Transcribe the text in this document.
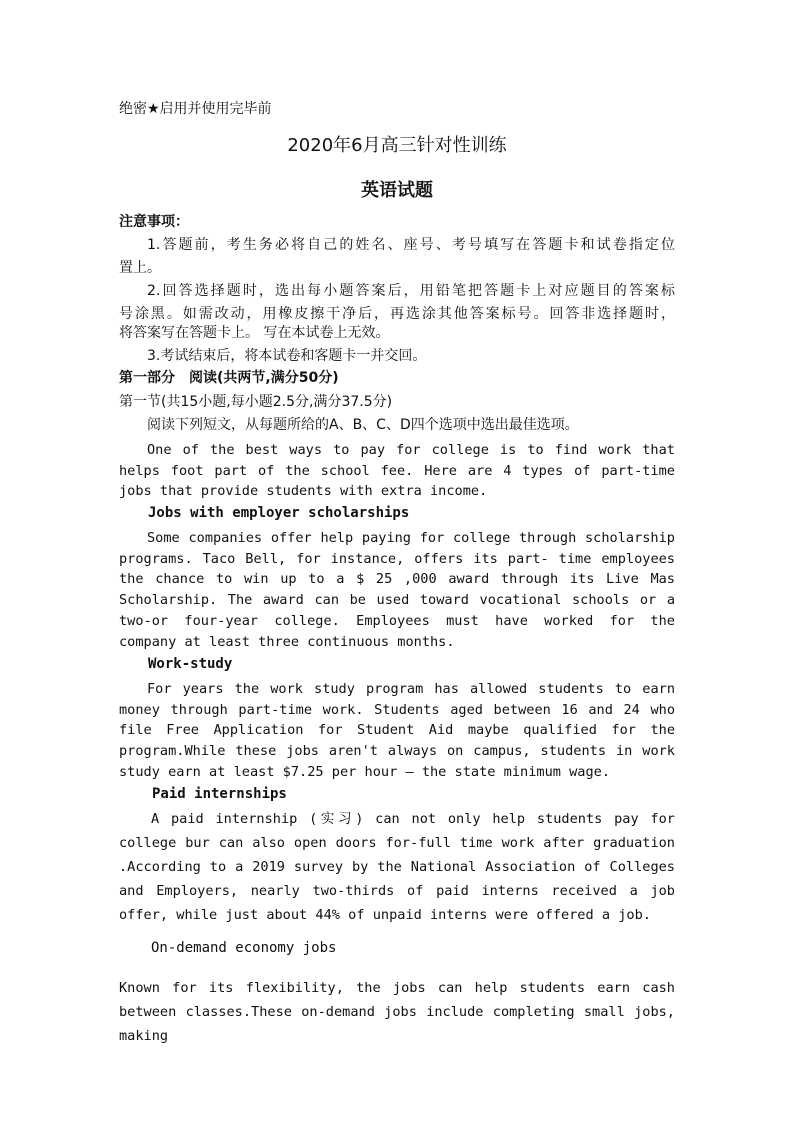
绝密★启用并使用完毕前
2020年6月高三针对性训练
英语试题
注意事项：
1.答题前，考生务必将自己的姓名、座号、考号填写在答题卡和试卷指定位
置上。
2.回答选择题时，选出每小题答案后，用铅笔把答题卡上对应题目的答案标
号涂黑。如需改动，用橡皮擦干净后，再选涂其他答案标号。回答非选择题时，
将答案写在答题卡上。 写在本试卷上无效。
3.考试结束后，将本试卷和客题卡一并交回。
第一部分　阅读(共两节,满分50分)
第一节(共15小题,每小题2.5分,满分37.5分)
阅读下列短文，从每题所给的A、B、C、D四个选项中选出最佳选项。

One of the best ways to pay for college is to find work that helps foot part of the school fee. Here are 4 types of part-time jobs that provide students with extra income.

Jobs with employer scholarships

Some companies offer help paying for college through scholarship programs. Taco Bell, for instance, offers its part- time employees the chance to win up to a $ 25 ,000 award through its Live Mas Scholarship. The award can be used toward vocational schools or a two-or four-year college. Employees must have worked for the company at least three continuous months.

Work-study

For years the work study program has allowed students to earn money through part-time work. Students aged between 16 and 24 who file Free Application for Student Aid maybe qualified for the program.While these jobs aren't always on campus, students in work study earn at least $7.25 per hour — the state minimum wage.

Paid internships

A paid internship (实习) can not only help students pay for college bur can also open doors for-full time work after graduation .According to a 2019 survey by the National Association of Colleges and Employers, nearly two-thirds of paid interns received a job offer, while just about 44% of unpaid interns were offered a job.

On-demand economy jobs

Known for its flexibility, the jobs can help students earn cash between classes.These on-demand jobs include completing small jobs, making
